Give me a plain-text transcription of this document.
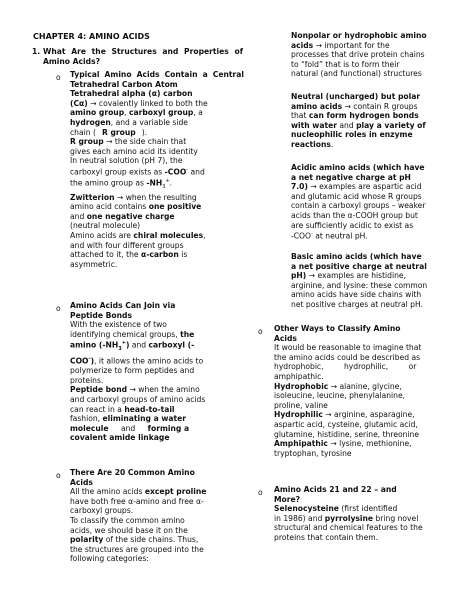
CHAPTER 4: AMINO ACIDS
1. What Are the Structures and Properties of Amino Acids?
o Typical Amino Acids Contain a Central Tetrahedral Carbon Atom
Tetrahedral alpha (α) carbon
(Cα) → covalently linked to both the
amino group, carboxyl group, a
hydrogen, and a variable side
chain ( R group ).
R group → the side chain that
gives each amino acid its identity
In neutral solution (pH 7), the
carboxyl group exists as -COO- and
the amino group as $-NH_3^+$.
Zwitterion → when the resulting
amino acid contains one positive
and one negative charge
(neutral molecule)
Amino acids are chiral molecules,
and with four different groups
attached to it, the α-carbon is
asymmetric.
o Amino Acids Can Join via
Peptide Bonds
With the existence of two
identifying chemical groups, the
amino $(-NH_3^+)$ and carboxyl (-
COO-), it allows the amino acids to
polymerize to form peptides and
proteins.
Peptide bond → when the amino
and carboxyl groups of amino acids
can react in a head-to-tail
fashion, eliminating a water
molecule and forming a
covalent amide linkage
o There Are 20 Common Amino
Acids
All the amino acids except proline
have both free α-amino and free α-
carboxyl groups.
To classify the common amino
acids, we should base it on the
polarity of the side chains. Thus,
the structures are grouped into the
following categories:
Nonpolar or hydrophobic amino
acids → important for the
processes that drive protein chains
to “fold” that is to form their
natural (and functional) structures
Neutral (uncharged) but polar
amino acids → contain R groups
that can form hydrogen bonds
with water and play a variety of
nucleophilic roles in enzyme
reactions.
Acidic amino acids (which have
a net negative charge at pH
7.0) → examples are aspartic acid
and glutamic acid whose R groups
contain a carboxyl groups – weaker
acids than the α-COOH group but
are sufficiently acidic to exist as
-COO- at neutral pH.
Basic amino acids (which have
a net positive charge at neutral
pH) → examples are histidine,
arginine, and lysine: these common
amino acids have side chains with
net positive charges at neutral pH.
o Other Ways to Classify Amino
Acids
It would be reasonable to imagine that
the amino acids could be described as
hydrophobic, hydrophilic, or
amphipathic.
Hydrophobic → alanine, glycine,
isoleucine, leucine, phenylalanine,
proline, valine
Hydrophilic → arginine, asparagine,
aspartic acid, cysteine, glutamic acid,
glutamine, histidine, serine, threonine
Amphipathic → lysine, methionine,
tryptophan, tyrosine
o Amino Acids 21 and 22 – and
More?
Selenocysteine (first identified
in 1986) and pyrrolysine bring novel
structural and chemical features to the
proteins that contain them.
